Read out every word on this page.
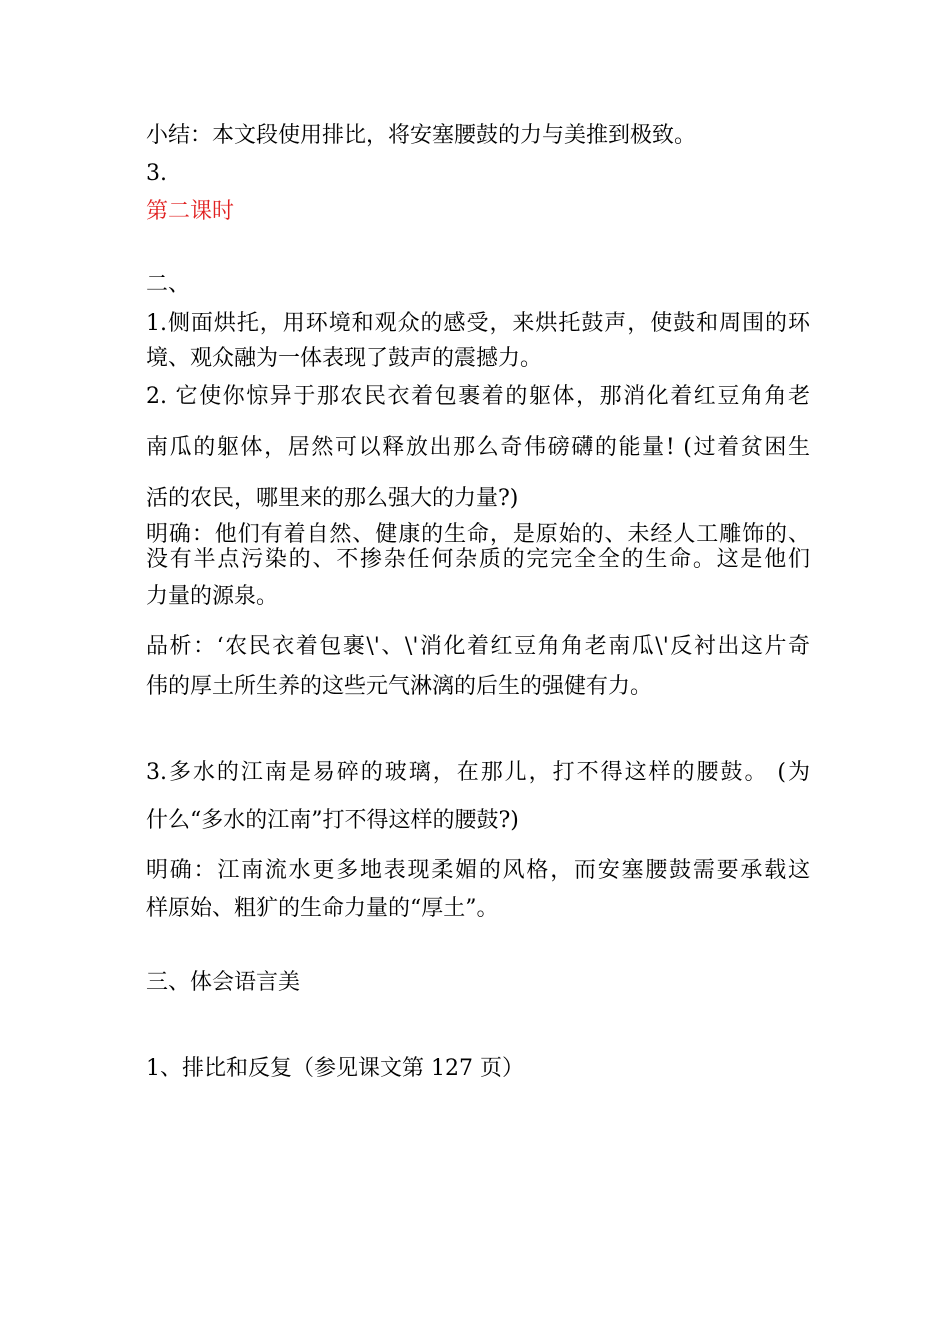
小结：本文段使用排比，将安塞腰鼓的力与美推到极致。
3.
第二课时
二、
1.侧面烘托，用环境和观众的感受，来烘托鼓声，使鼓和周围的环
境、观众融为一体表现了鼓声的震撼力。
2. 它使你惊异于那农民衣着包裹着的躯体，那消化着红豆角角老
南瓜的躯体，居然可以释放出那么奇伟磅礴的能量! (过着贫困生
活的农民，哪里来的那么强大的力量?)
明确：他们有着自然、健康的生命，是原始的、未经人工雕饰的、
没有半点污染的、不掺杂任何杂质的完完全全的生命。这是他们
力量的源泉。
品析：‘农民衣着包裹\'、\'消化着红豆角角老南瓜\'反衬出这片奇
伟的厚土所生养的这些元气淋漓的后生的强健有力。
3.多水的江南是易碎的玻璃，在那儿，打不得这样的腰鼓。 (为
什么“多水的江南”打不得这样的腰鼓?)
明确：江南流水更多地表现柔媚的风格，而安塞腰鼓需要承载这
样原始、粗犷的生命力量的“厚土”。
三、体会语言美
1、排比和反复（参见课文第 127 页）
